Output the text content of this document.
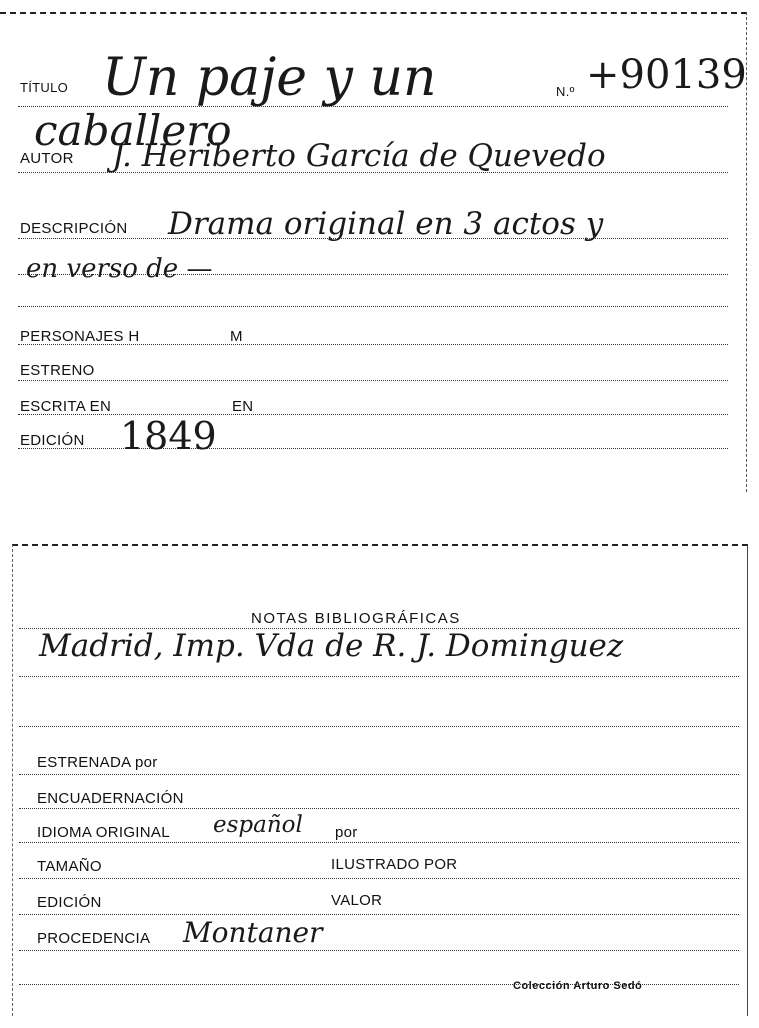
TÍTULO Un paje y un	N.º +90139
caballero
AUTOR J. Heriberto García de Quevedo
DESCRIPCIÓN Drama original en 3 actos y
en verso de —
PERSONAJES H	M
ESTRENO
ESCRITA EN	EN
EDICIÓN 1849
NOTAS BIBLIOGRÁFICAS
Madrid, Imp. Vda de R. J. Dominguez
ESTRENADA por
ENCUADERNACIÓN
IDIOMA ORIGINAL español por
TAMAÑO	ILUSTRADO POR
EDICIÓN	VALOR
PROCEDENCIA Montaner
Colección Arturo Sedó
